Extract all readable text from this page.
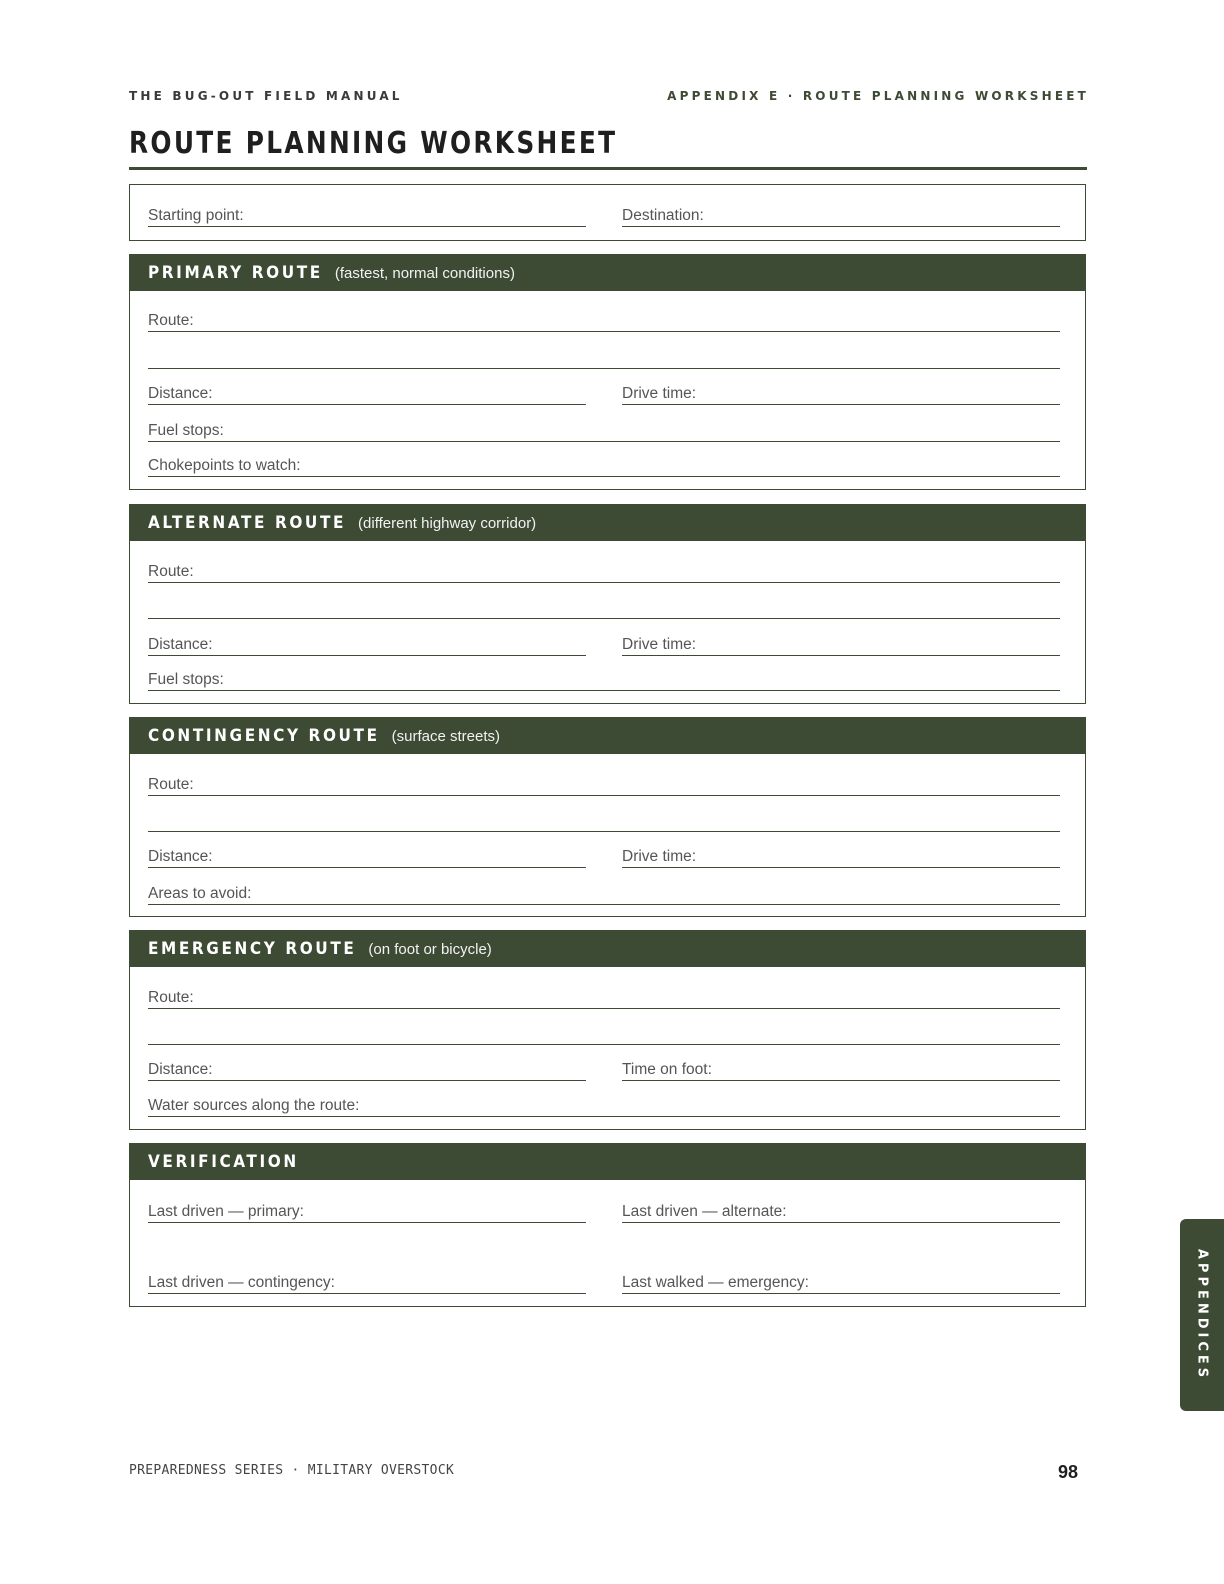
THE BUG-OUT FIELD MANUAL	APPENDIX E · ROUTE PLANNING WORKSHEET
ROUTE PLANNING WORKSHEET
Starting point:	Destination:
PRIMARY ROUTE (fastest, normal conditions)
Route:
Distance:	Drive time:
Fuel stops:
Chokepoints to watch:
ALTERNATE ROUTE (different highway corridor)
Route:
Distance:	Drive time:
Fuel stops:
CONTINGENCY ROUTE (surface streets)
Route:
Distance:	Drive time:
Areas to avoid:
EMERGENCY ROUTE (on foot or bicycle)
Route:
Distance:	Time on foot:
Water sources along the route:
VERIFICATION
Last driven — primary:	Last driven — alternate:
Last driven — contingency:	Last walked — emergency:	APPENDICES
PREPAREDNESS SERIES · MILITARY OVERSTOCK	98
